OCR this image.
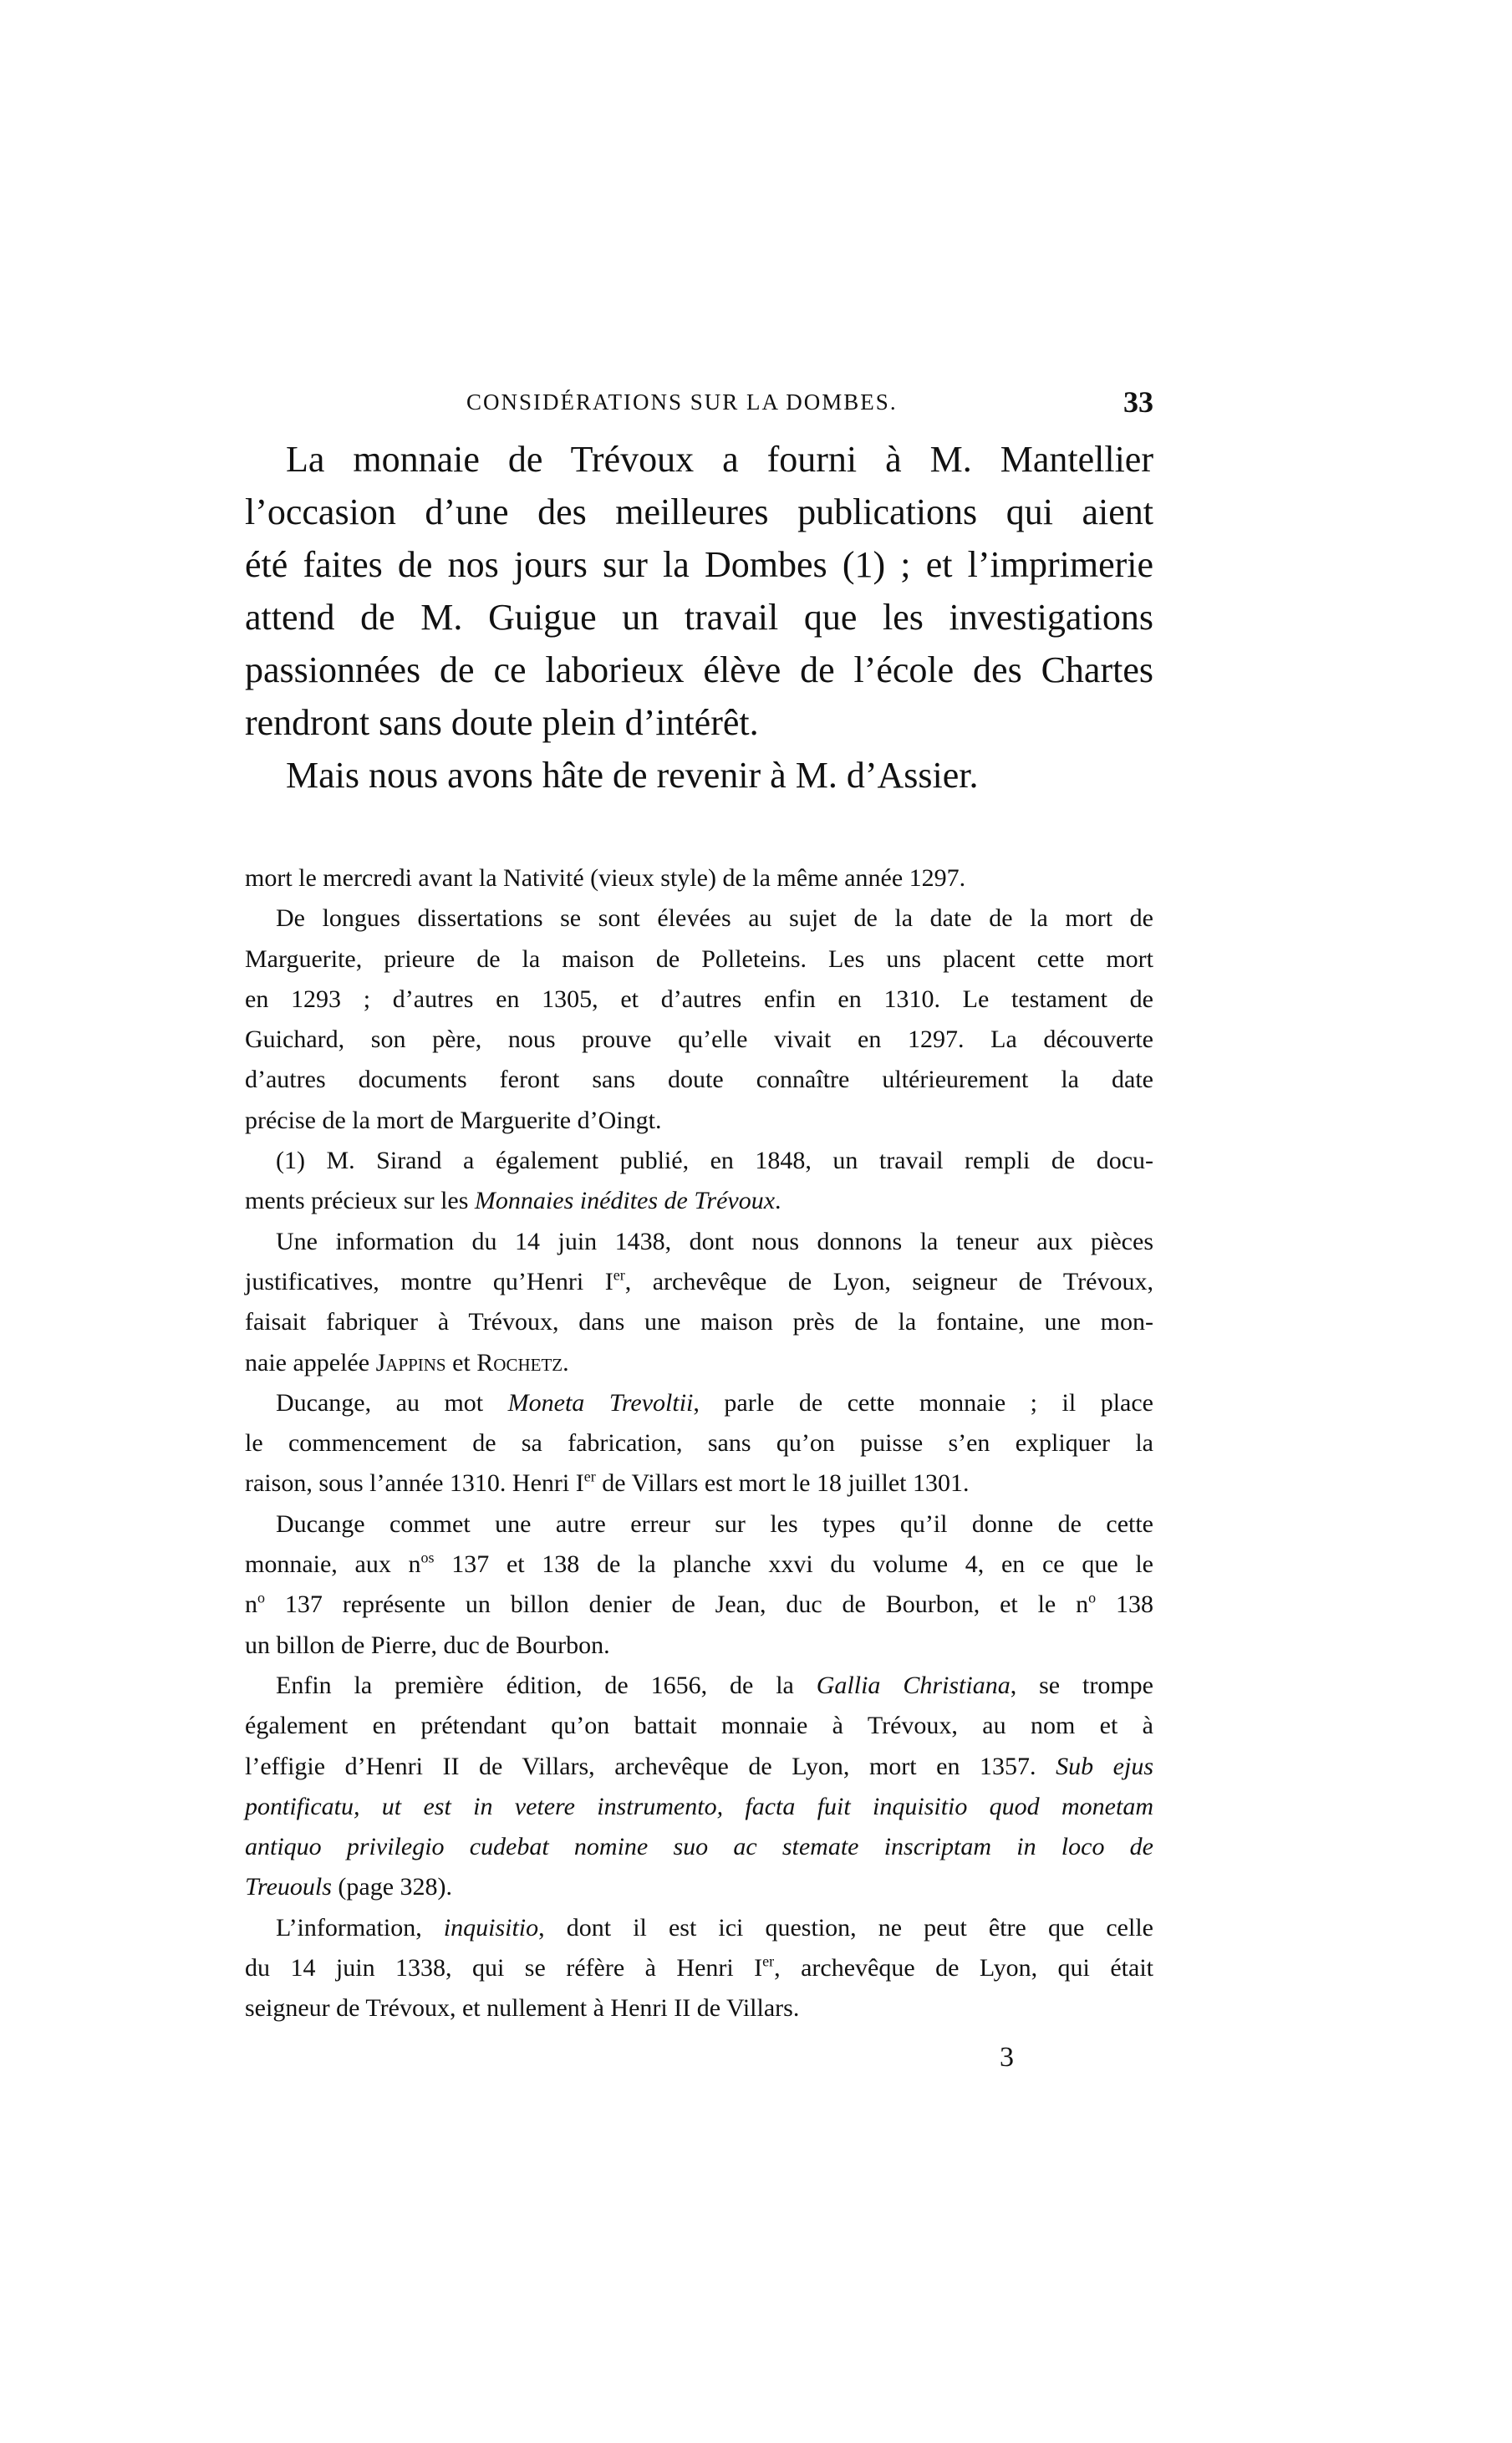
CONSIDÉRATIONS SUR LA DOMBES.	33
La monnaie de Trévoux a fourni à M. Mantellier
l’occasion d’une des meilleures publications qui aient
été faites de nos jours sur la Dombes (1) ; et l’imprimerie
attend de M. Guigue un travail que les investigations
passionnées de ce laborieux élève de l’école des Chartes
rendront sans doute plein d’intérêt.
Mais nous avons hâte de revenir à M. d’Assier.
mort le mercredi avant la Nativité (vieux style) de la même année 1297.
De longues dissertations se sont élevées au sujet de la date de la mort de
Marguerite, prieure de la maison de Polleteins. Les uns placent cette mort
en 1293 ; d’autres en 1305, et d’autres enfin en 1310. Le testament de
Guichard, son père, nous prouve qu’elle vivait en 1297. La découverte
d’autres documents feront sans doute connaître ultérieurement la date
précise de la mort de Marguerite d’Oingt.
(1) M. Sirand a également publié, en 1848, un travail rempli de docu-
ments précieux sur les Monnaies inédites de Trévoux.
Une information du 14 juin 1438, dont nous donnons la teneur aux pièces
justificatives, montre qu’Henri Ier, archevêque de Lyon, seigneur de Trévoux,
faisait fabriquer à Trévoux, dans une maison près de la fontaine, une mon-
naie appelée Jappins et Rochetz.
Ducange, au mot Moneta Trevoltii, parle de cette monnaie ; il place
le commencement de sa fabrication, sans qu’on puisse s’en expliquer la
raison, sous l’année 1310. Henri Ier de Villars est mort le 18 juillet 1301.
Ducange commet une autre erreur sur les types qu’il donne de cette
monnaie, aux $n^{os}$ 137 et 138 de la planche xxvi du volume 4, en ce que le
$n^o$ 137 représente un billon denier de Jean, duc de Bourbon, et le $n^o$ 138
un billon de Pierre, duc de Bourbon.
Enfin la première édition, de 1656, de la Gallia Christiana, se trompe
également en prétendant qu’on battait monnaie à Trévoux, au nom et à
l’effigie d’Henri II de Villars, archevêque de Lyon, mort en 1357. Sub ejus
pontificatu, ut est in vetere instrumento, facta fuit inquisitio quod monetam
antiquo privilegio cudebat nomine suo ac stemate inscriptam in loco de
Treuouls (page 328).
L’information, inquisitio, dont il est ici question, ne peut être que celle
du 14 juin 1338, qui se réfère à Henri Ier, archevêque de Lyon, qui était
seigneur de Trévoux, et nullement à Henri II de Villars.
3
